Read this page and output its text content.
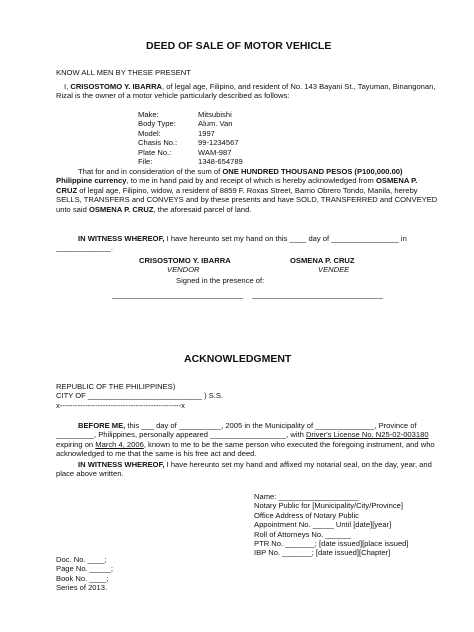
DEED OF SALE OF MOTOR VEHICLE
KNOW ALL MEN BY THESE PRESENT

I, CRISOSTOMO Y. IBARRA, of legal age, Filipino, and resident of No. 143 Bayani St., Tayuman, Binangonan, Rizal is the owner of a motor vehicle particularly described as follows:

Make:	Mitsubishi
Body Type:	Alum. Van
Model:	1997
Chasis No.:	99-1234567
Plate No.:	WAM-987
File:	1348-654789

That for and in consideration of the sum of ONE HUNDRED THOUSAND PESOS (P100,000.00) Philippine currency, to me in hand paid by and receipt of which is hereby acknowledged from OSMENA P. CRUZ of legal age, Filipino, widow, a resident of 8859 F. Roxas Street, Barrio Obrero Tondo, Manila, hereby SELLS, TRANSFERS and CONVEYS and by these presents and have SOLD, TRANSFERRED and CONVEYED unto said OSMENA P. CRUZ, the aforesaid parcel of land.

IN WITNESS WHEREOF, I have hereunto set my hand on this ____ day of ________________ in _____________.

CRISOSTOMO Y. IBARRA
VENDOR
OSMENA P. CRUZ
VENDEE
Signed in the presence of:
_______________________________ _______________________________
ACKNOWLEDGMENT
REPUBLIC OF THE PHILIPPINES)
CITY OF ___________________________ ) S.S.
x------------------------------------------------x

BEFORE ME, this ___ day of __________, 2005 in the Municipality of ______________, Province of _________, Philippines, personally appeared __________________, with Driver's License No. N25-02-003180 expiring on March 4, 2006, known to me to be the same person who executed the foregoing instrument, and who acknowledged to me that the same is his free act and deed.

IN WITNESS WHEREOF, I have hereunto set my hand and affixed my notarial seal, on the day, year, and place above written.

Name: ___________________
Notary Public for [Municipality/City/Province]
Office Address of Notary Public
Appointment No. _____ Until [date][year]
Roll of Attorneys No. ______
PTR No. _______; [date issued][place issued]
IBP No. _______; [date issued][Chapter]
Doc. No. ____;
Page No. _____;
Book No. ____;
Series of 2013.
